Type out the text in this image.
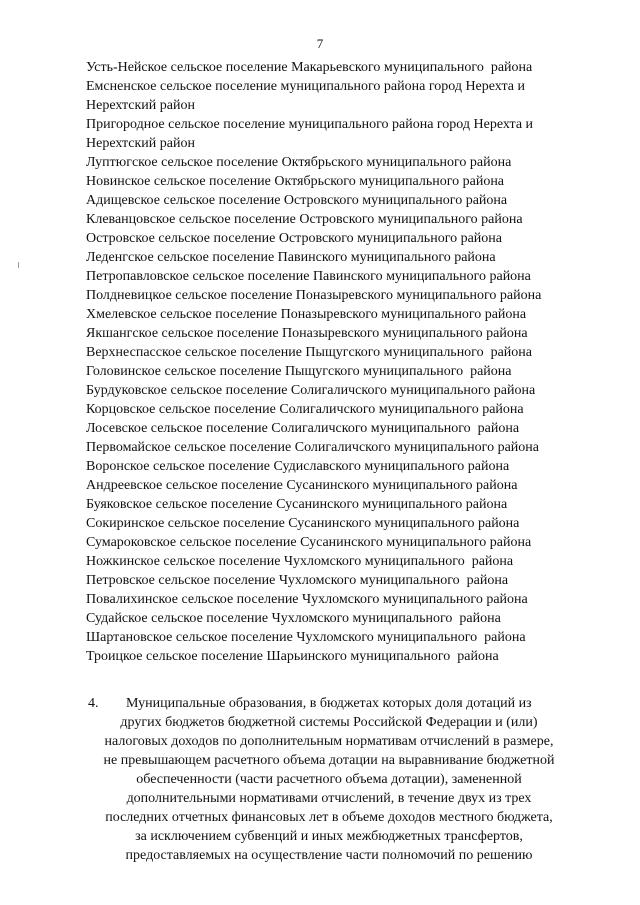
7
Усть-Нейское сельское поселение Макарьевского муниципального  района
Емсненское сельское поселение муниципального района город Нерехта и Нерехтский район
Пригородное сельское поселение муниципального района город Нерехта и Нерехтский район
Луптюгское сельское поселение Октябрьского муниципального района
Новинское сельское поселение Октябрьского муниципального района
Адищевское сельское поселение Островского муниципального района
Клеванцовское сельское поселение Островского муниципального района
Островское сельское поселение Островского муниципального района
Леденгское сельское поселение Павинского муниципального района
Петропавловское сельское поселение Павинского муниципального района
Полдневицкое сельское поселение Поназыревского муниципального района
Хмелевское сельское поселение Поназыревского муниципального района
Якшангское сельское поселение Поназыревского муниципального района
Верхнеспасское сельское поселение Пыщугского муниципального  района
Головинское сельское поселение Пыщугского муниципального  района
Бурдуковское сельское поселение Солигаличского муниципального района
Корцовское сельское поселение Солигаличского муниципального района
Лосевское сельское поселение Солигаличского муниципального  района
Первомайское сельское поселение Солигаличского муниципального района
Воронское сельское поселение Судиславского муниципального района
Андреевское сельское поселение Сусанинского муниципального района
Буяковское сельское поселение Сусанинского муниципального района
Сокиринское сельское поселение Сусанинского муниципального района
Сумароковское сельское поселение Сусанинского муниципального района
Ножкинское сельское поселение Чухломского муниципального  района
Петровское сельское поселение Чухломского муниципального  района
Повалихинское сельское поселение Чухломского муниципального района
Судайское сельское поселение Чухломского муниципального  района
Шартановское сельское поселение Чухломского муниципального  района
Троицкое сельское поселение Шарьинского муниципального  района
4.	Муниципальные образования, в бюджетах которых доля дотаций из
других бюджетов бюджетной системы Российской Федерации и (или)
налоговых доходов по дополнительным нормативам отчислений в размере,
не превышающем расчетного объема дотации на выравнивание бюджетной
обеспеченности (части расчетного объема дотации), замененной
дополнительными нормативами отчислений, в течение двух из трех
последних отчетных финансовых лет в объеме доходов местного бюджета,
за исключением субвенций и иных межбюджетных трансфертов,
предоставляемых на осуществление части полномочий по решению
